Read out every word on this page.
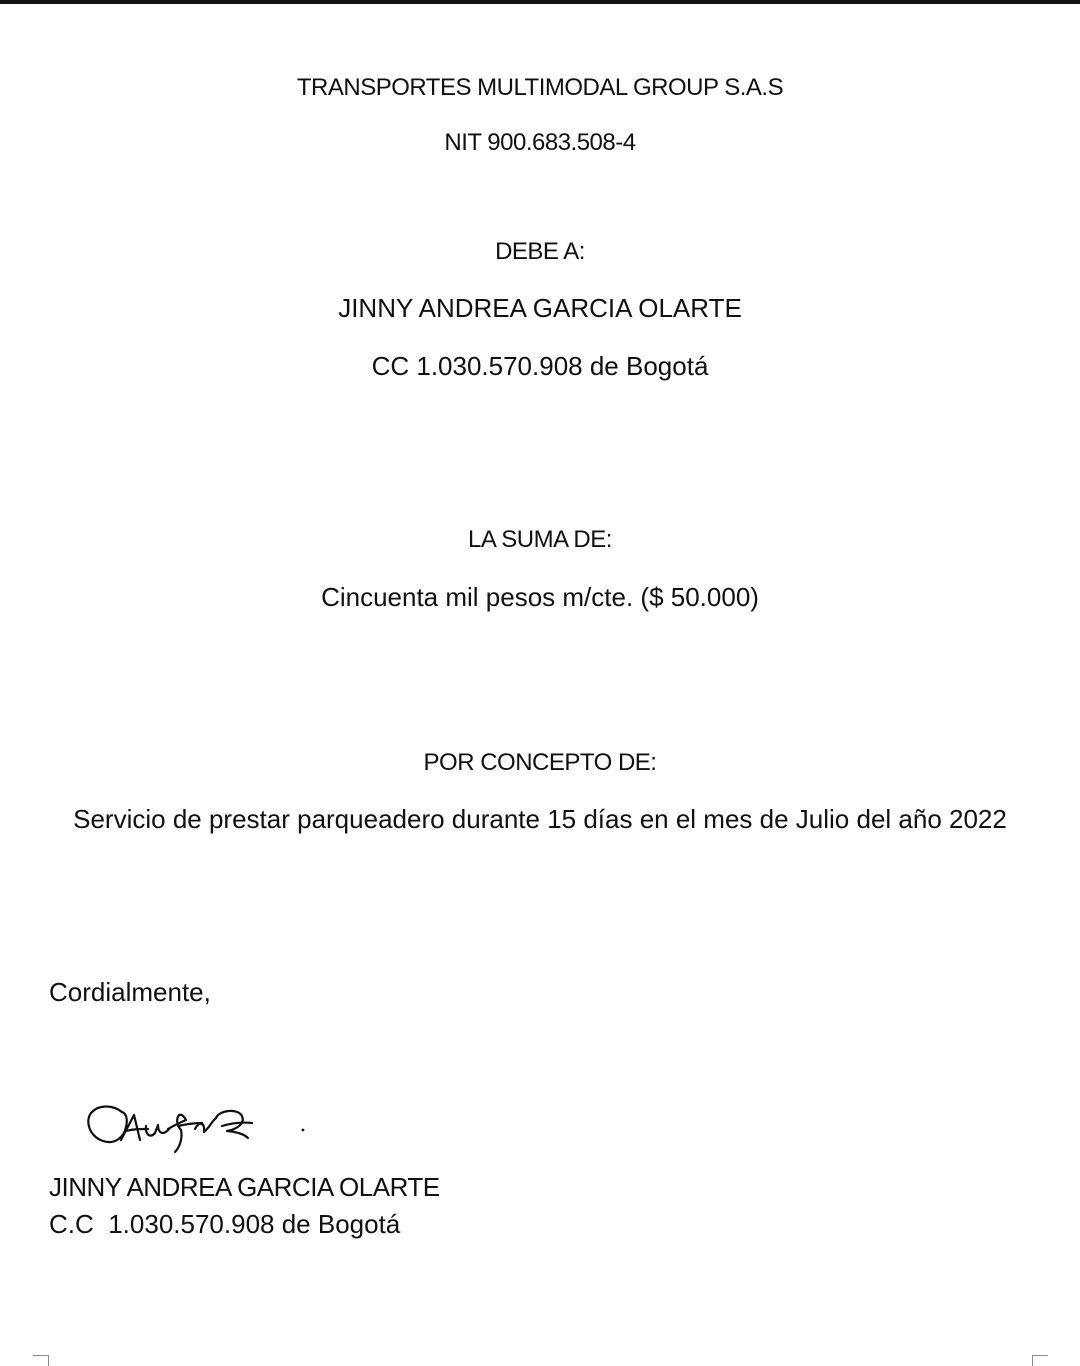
TRANSPORTES MULTIMODAL GROUP S.A.S
NIT 900.683.508-4
DEBE A:
JINNY ANDREA GARCIA OLARTE
CC 1.030.570.908 de Bogotá
LA SUMA DE:
Cincuenta mil pesos m/cte. ($ 50.000)
POR CONCEPTO DE:
Servicio de prestar parqueadero durante 15 días en el mes de Julio del año 2022
Cordialmente,
JINNY ANDREA GARCIA OLARTE
C.C  1.030.570.908 de Bogotá
